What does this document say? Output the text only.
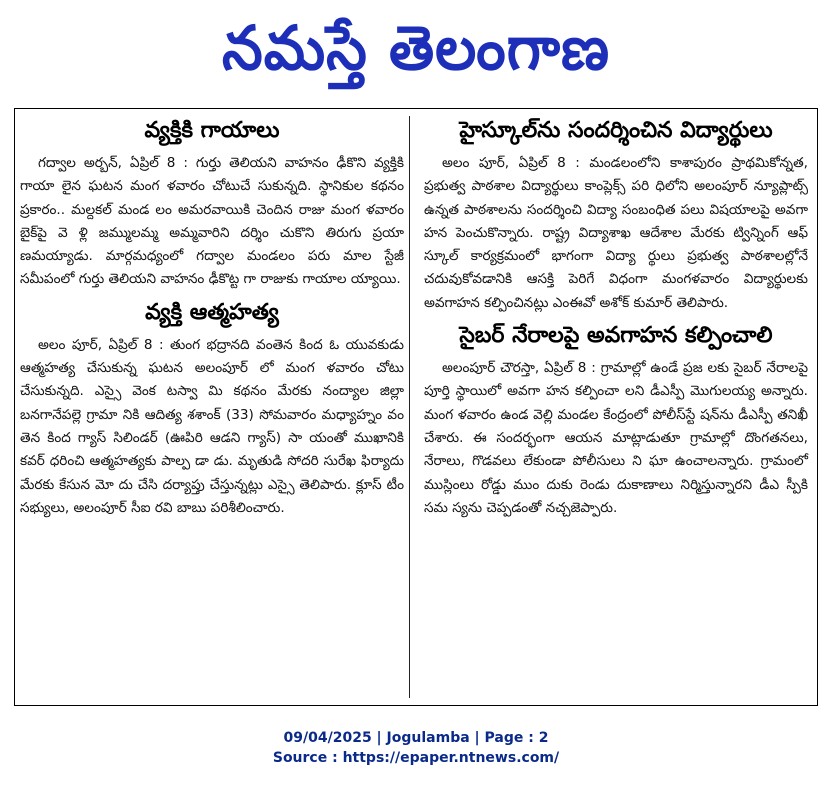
నమస్తే తెలంగాణ
వ్యక్తికి గాయాలు

గద్వాల అర్బన్, ఏప్రిల్ 8 : గుర్తు తెలియని వాహనం ఢీకొని వ్యక్తికి గాయా లైన ఘటన మంగ ళవారం చోటుచే సుకున్నది. స్థానికుల కథనం ప్రకారం.. మల్దకల్ మండ లం అమరవాయికి చెందిన రాజు మంగ ళవారం బైక్‌పై వె ళ్లి జమ్ములమ్మ అమ్మవారిని దర్శిం చుకొని తిరుగు ప్రయా ణమయ్యాడు. మార్గమధ్యంలో గద్వాల మండలం పరు మాల స్టేజీ సమీపంలో గుర్తు తెలియని వాహనం ఢీకొట్ట గా రాజుకు గాయాల య్యాయి.

వ్యక్తి ఆత్మహత్య

అలం పూర్, ఏప్రిల్ 8 : తుంగ భద్రానది వంతెన కింద ఓ యువకుడు ఆత్మహత్య చేసుకున్న ఘటన అలంపూర్ లో మంగ ళవారం చోటు చేసుకున్నది. ఎస్సై వెంక టస్వా మి కథనం మేరకు నంద్యాల జిల్లా బనగానేపల్లె గ్రామా నికి ఆదిత్య శశాంక్ (33) సోమవారం మధ్యాహ్నం వం తెన కింద గ్యాస్ సిలిండర్ (ఊపిరి ఆడని గ్యాస్) సా యంతో ముఖానికి కవర్ ధరించి ఆత్మహత్యకు పాల్ప డా డు. మృతుడి సోదరి సురేఖ ఫిర్యాదు మేరకు కేసున మో దు చేసి దర్యాప్తు చేస్తున్నట్లు ఎస్సై తెలిపారు. క్లూస్ టీం సభ్యులు, అలంపూర్ సీఐ రవి బాబు పరిశీలించారు.

హైస్కూల్‌ను సందర్శించిన విద్యార్థులు

అలం పూర్, ఏప్రిల్ 8 : మండలంలోని కాశాపురం ప్రాథమికోన్నత, ప్రభుత్వ పాఠశాల విద్యార్థులు కాంప్లెక్స్ పరి ధిలోని అలంపూర్ న్యూప్లాట్స్ ఉన్నత పాఠశాలను సందర్శించి విద్యా సంబంధిత పలు విషయాలపై అవగా హన పెంచుకొన్నారు. రాష్ట్ర విద్యాశాఖ ఆదేశాల మేరకు ట్విన్నింగ్ ఆఫ్ స్కూల్ కార్యక్రమంలో భాగంగా విద్యా ర్థులు ప్రభుత్వ పాఠశాలల్లోనే చదువుకోవడానికి ఆసక్తి పెరిగే విధంగా మంగళవారం విద్యార్థులకు అవగాహన కల్పించినట్లు ఎంఈవో అశోక్ కుమార్ తెలిపారు.

సైబర్ నేరాలపై అవగాహన కల్పించాలి

అలంపూర్ చౌరస్తా, ఏప్రిల్ 8 : గ్రామాల్లో ఉండే ప్రజ లకు సైబర్ నేరాలపై పూర్తి స్థాయిలో అవగా హన కల్పించా లని డీఎస్పీ మొగులయ్య అన్నారు. మంగ ళవారం ఉండ వెల్లి మండల కేంద్రంలో పోలీస్‌స్టే షన్‌ను డీఎస్పీ తనిఖీ చేశారు. ఈ సందర్భంగా ఆయన మాట్లాడుతూ గ్రామాల్లో దొంగతనలు, నేరాలు, గొడవలు లేకుండా పోలీసులు ని ఘా ఉంచాలన్నారు. గ్రామంలో ముస్లింలు రోడ్డు ముం దుకు రెండు దుకాణాలు నిర్మిస్తున్నారని డీఎ స్పీకి సమ స్యను చెప్పడంతో నచ్చజెప్పారు.

09/04/2025 | Jogulamba | Page : 2
Source : https://epaper.ntnews.com/
